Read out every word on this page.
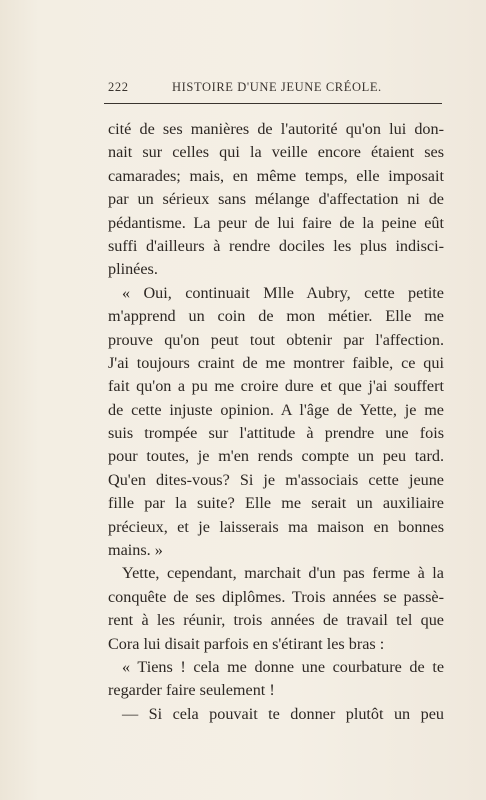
222	HISTOIRE D'UNE JEUNE CRÉOLE.
cité de ses manières de l'autorité qu'on lui don-
nait sur celles qui la veille encore étaient ses
camarades; mais, en même temps, elle imposait
par un sérieux sans mélange d'affectation ni de
pédantisme. La peur de lui faire de la peine eût
suffi d'ailleurs à rendre dociles les plus indisci-
plinées.
« Oui, continuait Mlle Aubry, cette petite
m'apprend un coin de mon métier. Elle me
prouve qu'on peut tout obtenir par l'affection.
J'ai toujours craint de me montrer faible, ce qui
fait qu'on a pu me croire dure et que j'ai souffert
de cette injuste opinion. A l'âge de Yette, je me
suis trompée sur l'attitude à prendre une fois
pour toutes, je m'en rends compte un peu tard.
Qu'en dites-vous? Si je m'associais cette jeune
fille par la suite? Elle me serait un auxiliaire
précieux, et je laisserais ma maison en bonnes
mains. »
Yette, cependant, marchait d'un pas ferme à la
conquête de ses diplômes. Trois années se passè-
rent à les réunir, trois années de travail tel que
Cora lui disait parfois en s'étirant les bras :
« Tiens ! cela me donne une courbature de te
regarder faire seulement !
— Si cela pouvait te donner plutôt un peu
